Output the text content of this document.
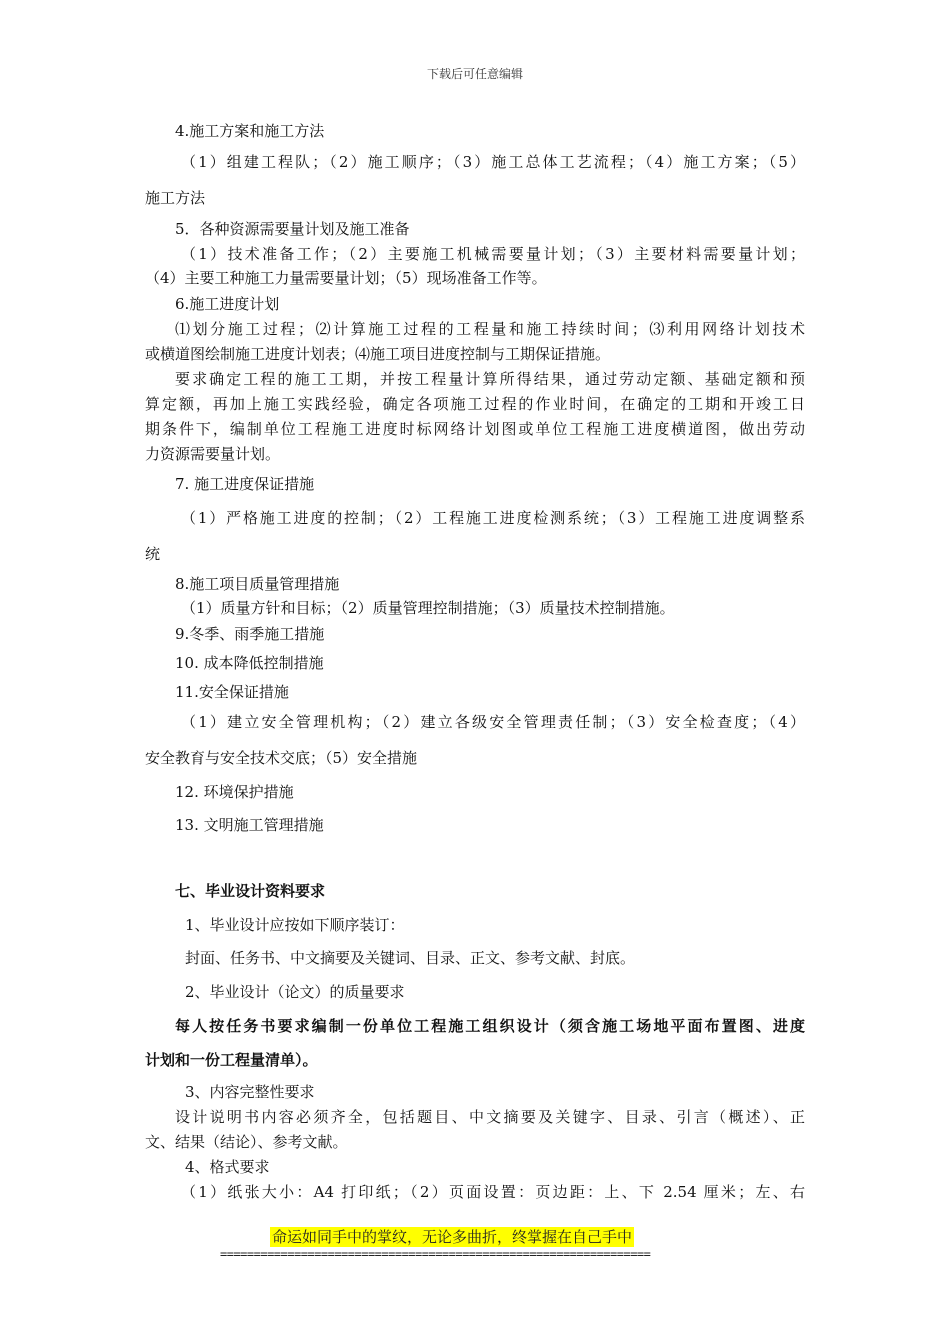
下载后可任意编辑
4.施工方案和施工方法
（1）组建工程队；（2）施工顺序；（3）施工总体工艺流程；（4）施工方案；（5）
施工方法
5．各种资源需要量计划及施工准备
（1）技术准备工作；（2）主要施工机械需要量计划；（3）主要材料需要量计划；
（4）主要工种施工力量需要量计划；（5）现场准备工作等。
6.施工进度计划
⑴划分施工过程；⑵计算施工过程的工程量和施工持续时间；⑶利用网络计划技术
或横道图绘制施工进度计划表；⑷施工项目进度控制与工期保证措施。
要求确定工程的施工工期，并按工程量计算所得结果，通过劳动定额、基础定额和预
算定额，再加上施工实践经验，确定各项施工过程的作业时间，在确定的工期和开竣工日
期条件下，编制单位工程施工进度时标网络计划图或单位工程施工进度横道图，做出劳动
力资源需要量计划。
7. 施工进度保证措施
（1）严格施工进度的控制；（2）工程施工进度检测系统；（3）工程施工进度调整系
统
8.施工项目质量管理措施
（1）质量方针和目标；（2）质量管理控制措施；（3）质量技术控制措施。
9.冬季、雨季施工措施
10. 成本降低控制措施
11.安全保证措施
（1）建立安全管理机构；（2）建立各级安全管理责任制；（3）安全检查度；（4）
安全教育与安全技术交底；（5）安全措施
12. 环境保护措施
13. 文明施工管理措施
七、毕业设计资料要求
1、毕业设计应按如下顺序装订：
封面、任务书、中文摘要及关键词、目录、正文、参考文献、封底。
2、毕业设计（论文）的质量要求
每人按任务书要求编制一份单位工程施工组织设计（须含施工场地平面布置图、进度
计划和一份工程量清单）。
3、内容完整性要求
设计说明书内容必须齐全，包括题目、中文摘要及关键字、目录、引言（概述）、正
文、结果（结论）、参考文献。
4、格式要求
（1）纸张大小：A4 打印纸；（2）页面设置：页边距：上、下 2.54 厘米；左、右
命运如同手中的掌纹，无论多曲折，终掌握在自己手中
================================================================
